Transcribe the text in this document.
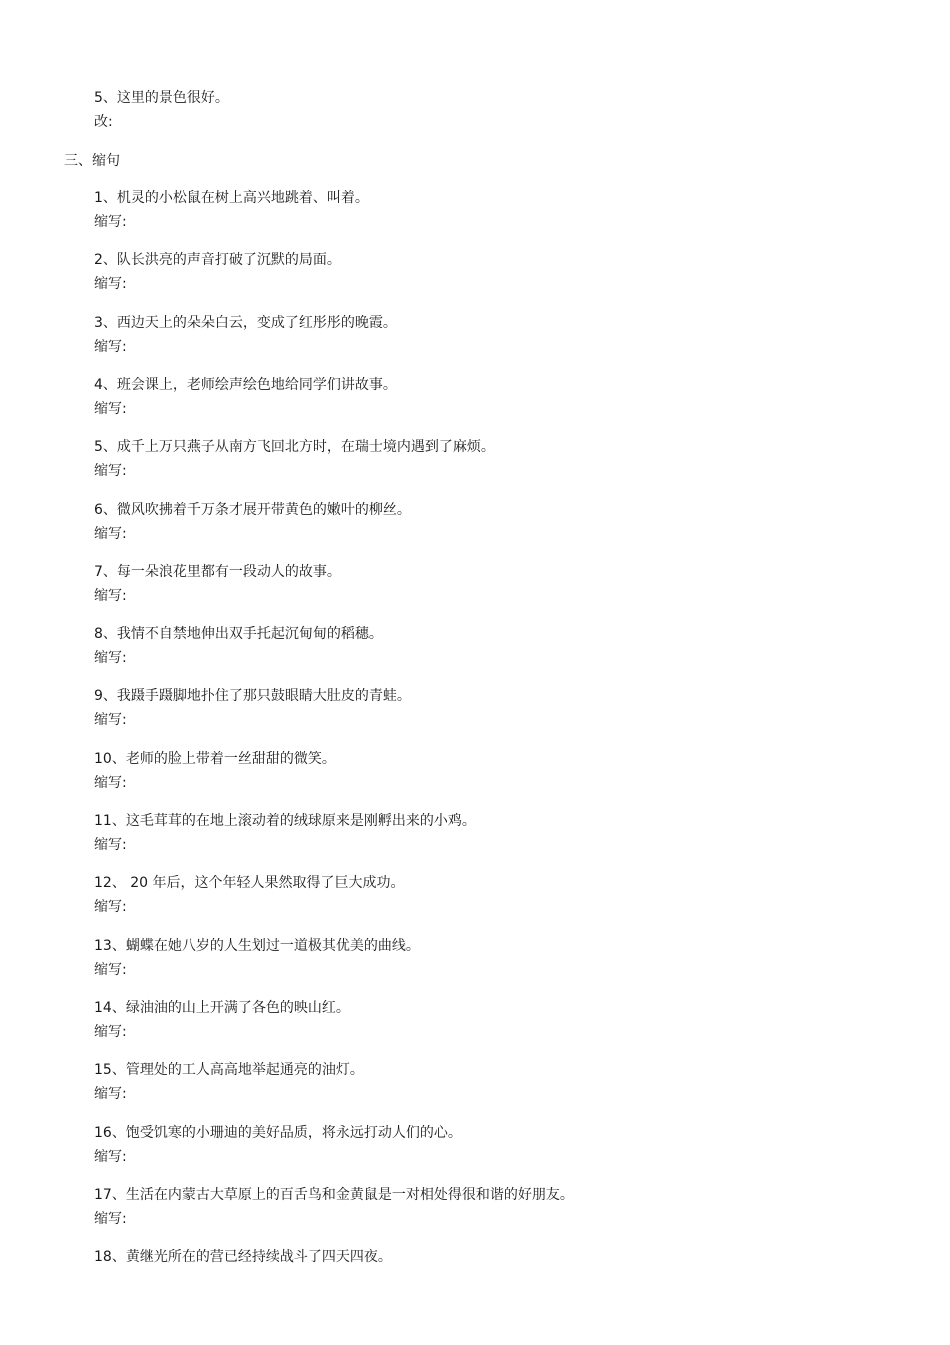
5、这里的景色很好。
改:
三、缩句
1、机灵的小松鼠在树上高兴地跳着、叫着。
缩写:
2、队长洪亮的声音打破了沉默的局面。
缩写:
3、西边天上的朵朵白云，变成了红彤彤的晚霞。
缩写:
4、班会课上，老师绘声绘色地给同学们讲故事。
缩写:
5、成千上万只燕子从南方飞回北方时，在瑞士境内遇到了麻烦。
缩写:
6、微风吹拂着千万条才展开带黄色的嫩叶的柳丝。
缩写:
7、每一朵浪花里都有一段动人的故事。
缩写:
8、我情不自禁地伸出双手托起沉甸甸的稻穗。
缩写:
9、我蹑手蹑脚地扑住了那只鼓眼睛大肚皮的青蛙。
缩写:
10、老师的脸上带着一丝甜甜的微笑。
缩写:
11、这毛茸茸的在地上滚动着的绒球原来是刚孵出来的小鸡。
缩写:
12、 20 年后，这个年轻人果然取得了巨大成功。
缩写:
13、蝴蝶在她八岁的人生划过一道极其优美的曲线。
缩写:
14、绿油油的山上开满了各色的映山红。
缩写:
15、管理处的工人高高地举起通亮的油灯。
缩写:
16、饱受饥寒的小珊迪的美好品质，将永远打动人们的心。
缩写:
17、生活在内蒙古大草原上的百舌鸟和金黄鼠是一对相处得很和谐的好朋友。
缩写:
18、黄继光所在的营已经持续战斗了四天四夜。
